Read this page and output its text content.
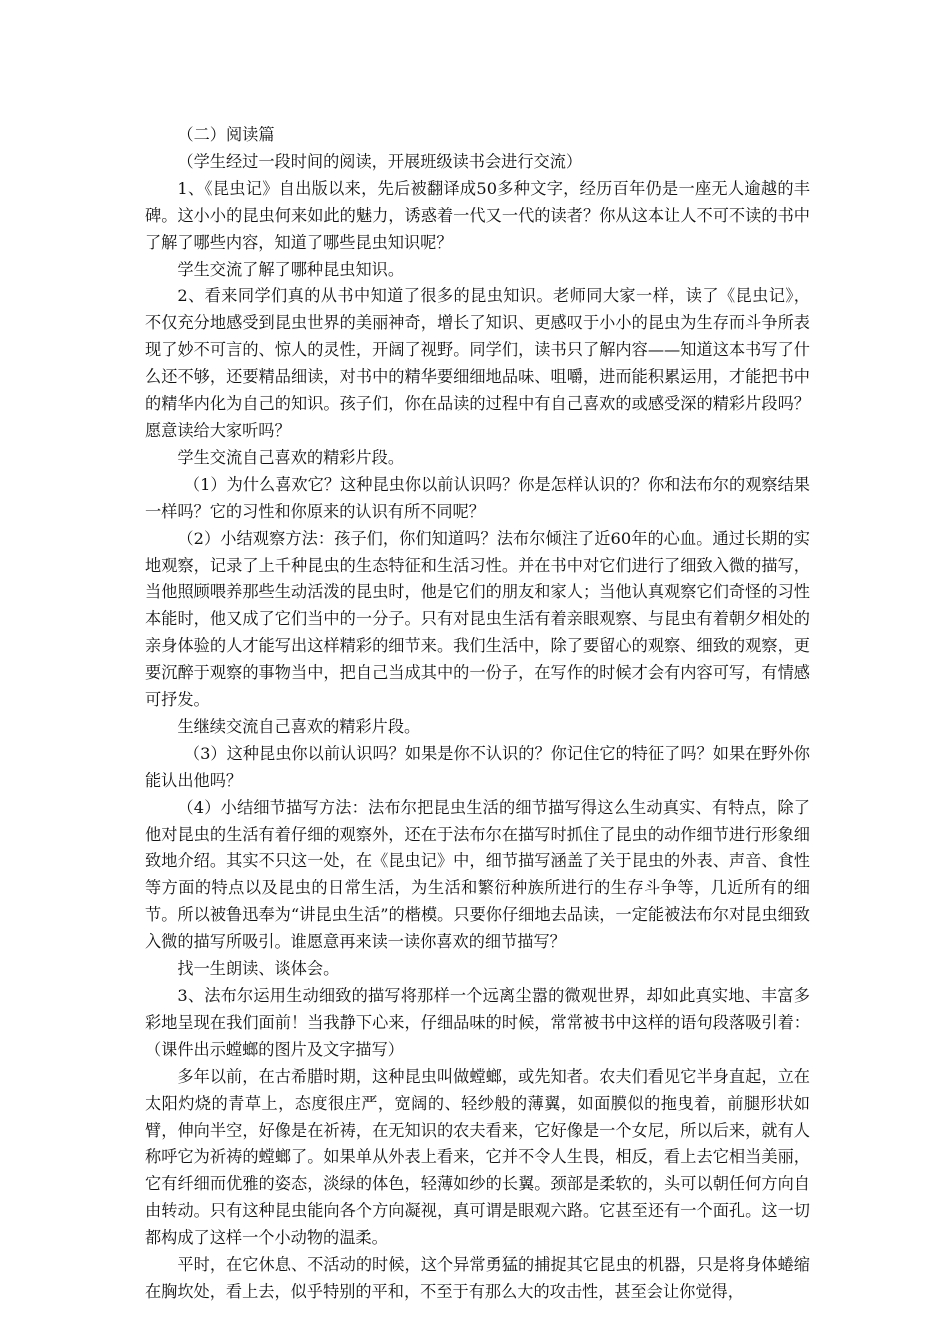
（二）阅读篇

（学生经过一段时间的阅读，开展班级读书会进行交流）

1、《昆虫记》自出版以来，先后被翻译成50多种文字，经历百年仍是一座无人逾越的丰碑。这小小的昆虫何来如此的魅力，诱惑着一代又一代的读者？你从这本让人不可不读的书中了解了哪些内容，知道了哪些昆虫知识呢？

学生交流了解了哪种昆虫知识。

2、看来同学们真的从书中知道了很多的昆虫知识。老师同大家一样，读了《昆虫记》，不仅充分地感受到昆虫世界的美丽神奇，增长了知识、更感叹于小小的昆虫为生存而斗争所表现了妙不可言的、惊人的灵性，开阔了视野。同学们，读书只了解内容——知道这本书写了什么还不够，还要精品细读，对书中的精华要细细地品味、咀嚼，进而能积累运用，才能把书中的精华内化为自己的知识。孩子们，你在品读的过程中有自己喜欢的或感受深的精彩片段吗？愿意读给大家听吗？

学生交流自己喜欢的精彩片段。

（1）为什么喜欢它？这种昆虫你以前认识吗？你是怎样认识的？你和法布尔的观察结果一样吗？它的习性和你原来的认识有所不同呢？

（2）小结观察方法：孩子们，你们知道吗？法布尔倾注了近60年的心血。通过长期的实地观察，记录了上千种昆虫的生态特征和生活习性。并在书中对它们进行了细致入微的描写，当他照顾喂养那些生动活泼的昆虫时，他是它们的朋友和家人；当他认真观察它们奇怪的习性本能时，他又成了它们当中的一分子。只有对昆虫生活有着亲眼观察、与昆虫有着朝夕相处的亲身体验的人才能写出这样精彩的细节来。我们生活中，除了要留心的观察、细致的观察，更要沉醉于观察的事物当中，把自己当成其中的一份子，在写作的时候才会有内容可写，有情感可抒发。

生继续交流自己喜欢的精彩片段。

（3）这种昆虫你以前认识吗？如果是你不认识的？你记住它的特征了吗？如果在野外你能认出他吗？

（4）小结细节描写方法：法布尔把昆虫生活的细节描写得这么生动真实、有特点，除了他对昆虫的生活有着仔细的观察外，还在于法布尔在描写时抓住了昆虫的动作细节进行形象细致地介绍。其实不只这一处，在《昆虫记》中，细节描写涵盖了关于昆虫的外表、声音、食性等方面的特点以及昆虫的日常生活，为生活和繁衍种族所进行的生存斗争等，几近所有的细节。所以被鲁迅奉为“讲昆虫生活”的楷模。只要你仔细地去品读，一定能被法布尔对昆虫细致入微的描写所吸引。谁愿意再来读一读你喜欢的细节描写？

找一生朗读、谈体会。

3、法布尔运用生动细致的描写将那样一个远离尘嚣的微观世界，却如此真实地、丰富多彩地呈现在我们面前！当我静下心来，仔细品味的时候，常常被书中这样的语句段落吸引着：（课件出示螳螂的图片及文字描写）

多年以前，在古希腊时期，这种昆虫叫做螳螂，或先知者。农夫们看见它半身直起，立在太阳灼烧的青草上，态度很庄严，宽阔的、轻纱般的薄翼，如面膜似的拖曳着，前腿形状如臂，伸向半空，好像是在祈祷，在无知识的农夫看来，它好像是一个女尼，所以后来，就有人称呼它为祈祷的螳螂了。如果单从外表上看来，它并不令人生畏，相反，看上去它相当美丽，它有纤细而优雅的姿态，淡绿的体色，轻薄如纱的长翼。颈部是柔软的，头可以朝任何方向自由转动。只有这种昆虫能向各个方向凝视，真可谓是眼观六路。它甚至还有一个面孔。这一切都构成了这样一个小动物的温柔。

平时，在它休息、不活动的时候，这个异常勇猛的捕捉其它昆虫的机器，只是将身体蜷缩在胸坎处，看上去，似乎特别的平和，不至于有那么大的攻击性，甚至会让你觉得，
